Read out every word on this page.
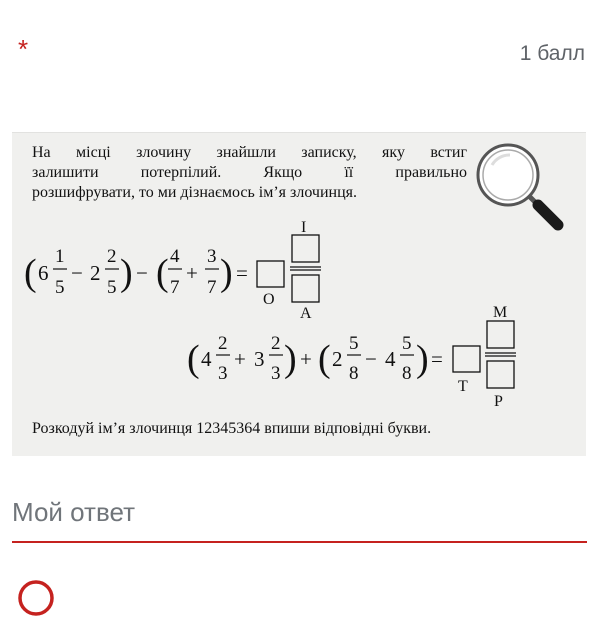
*	1 балл
На місці злочину знайшли записку, яку встиг
залишити потерпілий. Якщо її правильно
розшифрувати, то ми дізнаємось ім’я злочинця.
( 6
1
5
− 2
2
5 ) − ( 4
7
+
3
7 ) =
О
І
А
( 4
2
3
+ 3
2
3 ) + ( 2
5
8
− 4
5
8 ) =
Т
М
Р
Розкодуй ім’я злочинця 12345364 впиши відповідні букви.
Мой ответ
